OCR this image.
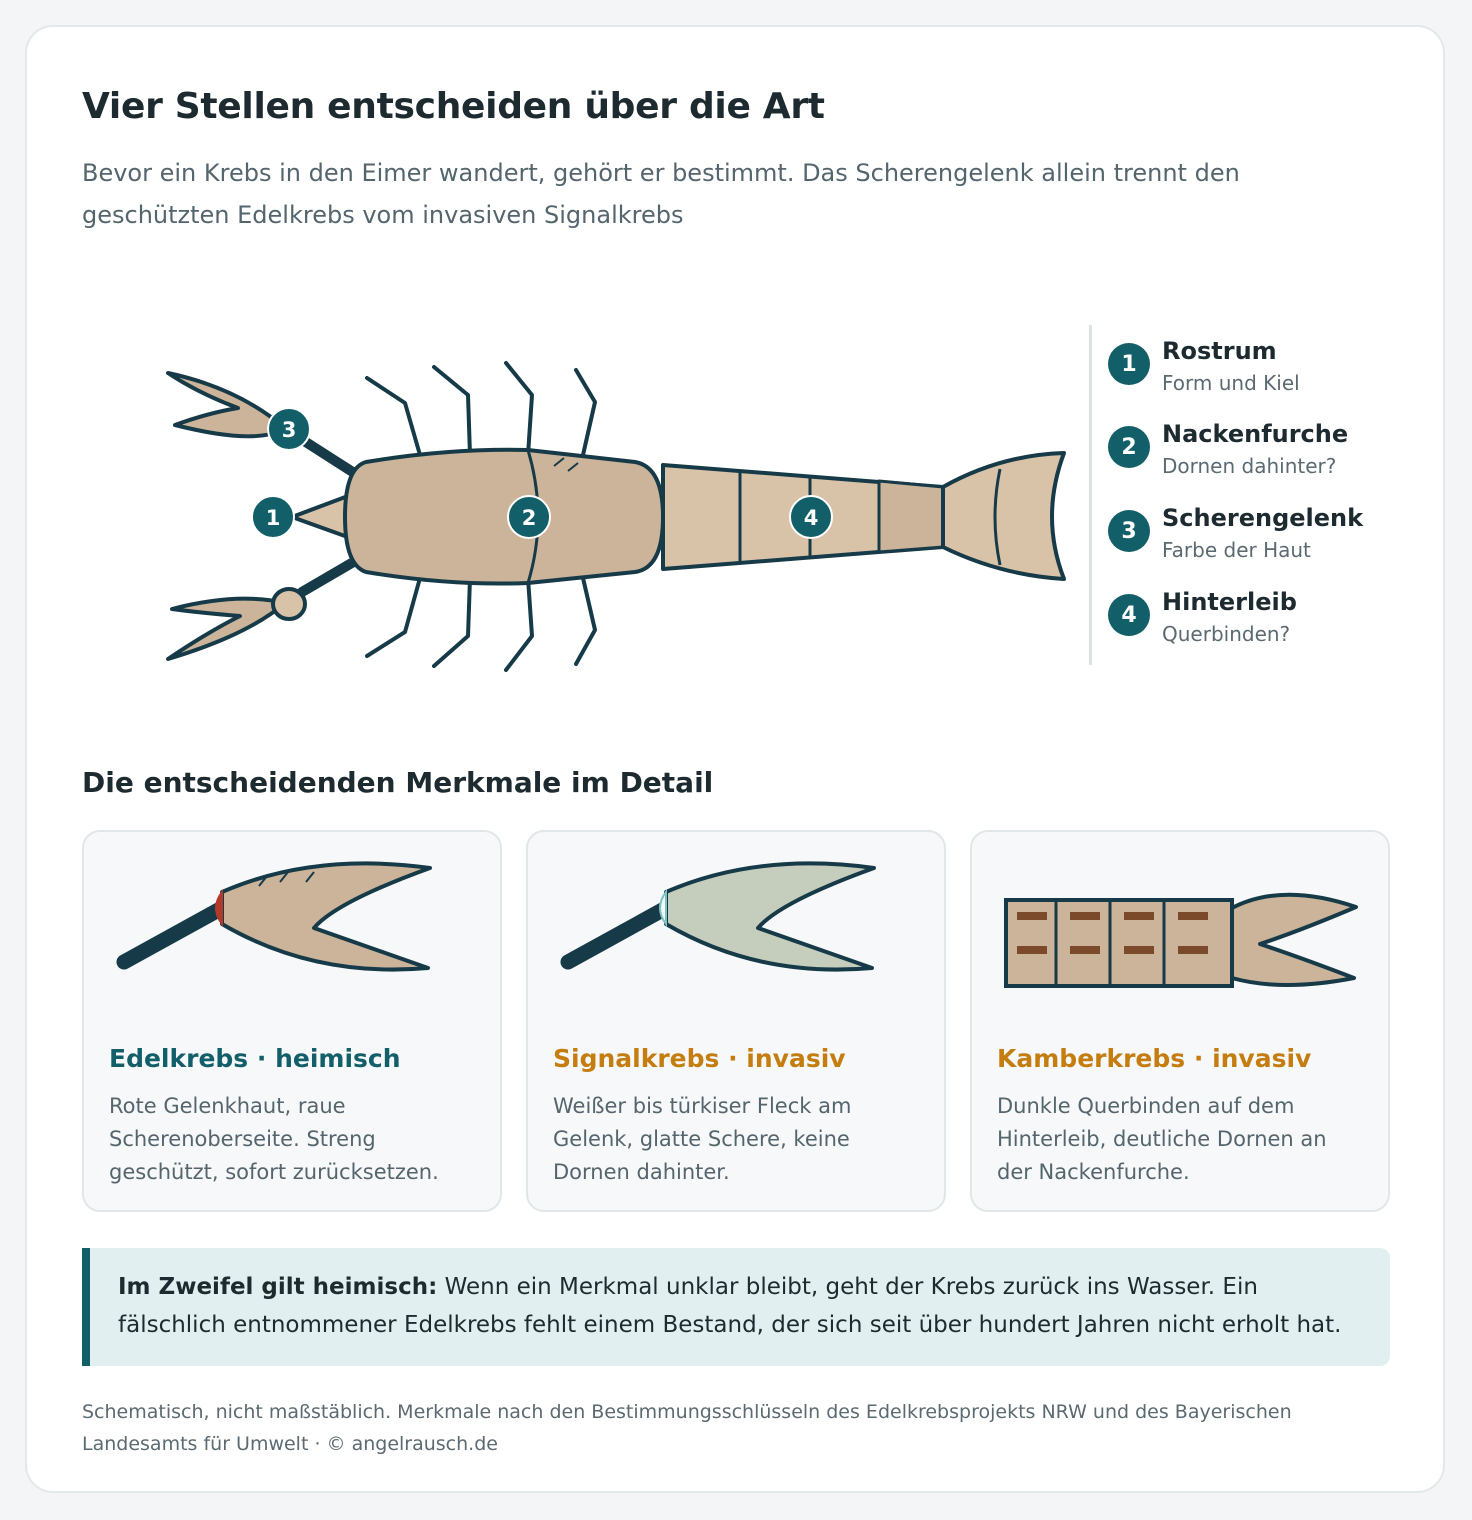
Vier Stellen entscheiden über die Art

Bevor ein Krebs in den Eimer wandert, gehört er bestimmt. Das Scherengelenk allein trennt den geschützten Edelkrebs vom invasiven Signalkrebs

3
1	2	4
1	Rostrum
Form und Kiel
2	Nackenfurche
Dornen dahinter?
3	Scherengelenk
Farbe der Haut
4	Hinterleib
Querbinden?
Die entscheidenden Merkmale im Detail
Edelkrebs · heimisch
Rote Gelenkhaut, raue Scherenoberseite. Streng geschützt, sofort zurücksetzen.
Signalkrebs · invasiv
Weißer bis türkiser Fleck am Gelenk, glatte Schere, keine Dornen dahinter.
Kamberkrebs · invasiv
Dunkle Querbinden auf dem Hinterleib, deutliche Dornen an der Nackenfurche.
Im Zweifel gilt heimisch: Wenn ein Merkmal unklar bleibt, geht der Krebs zurück ins Wasser. Ein fälschlich entnommener Edelkrebs fehlt einem Bestand, der sich seit über hundert Jahren nicht erholt hat.
Schematisch, nicht maßstäblich. Merkmale nach den Bestimmungsschlüsseln des Edelkrebsprojekts NRW und des Bayerischen Landesamts für Umwelt · © angelrausch.de
